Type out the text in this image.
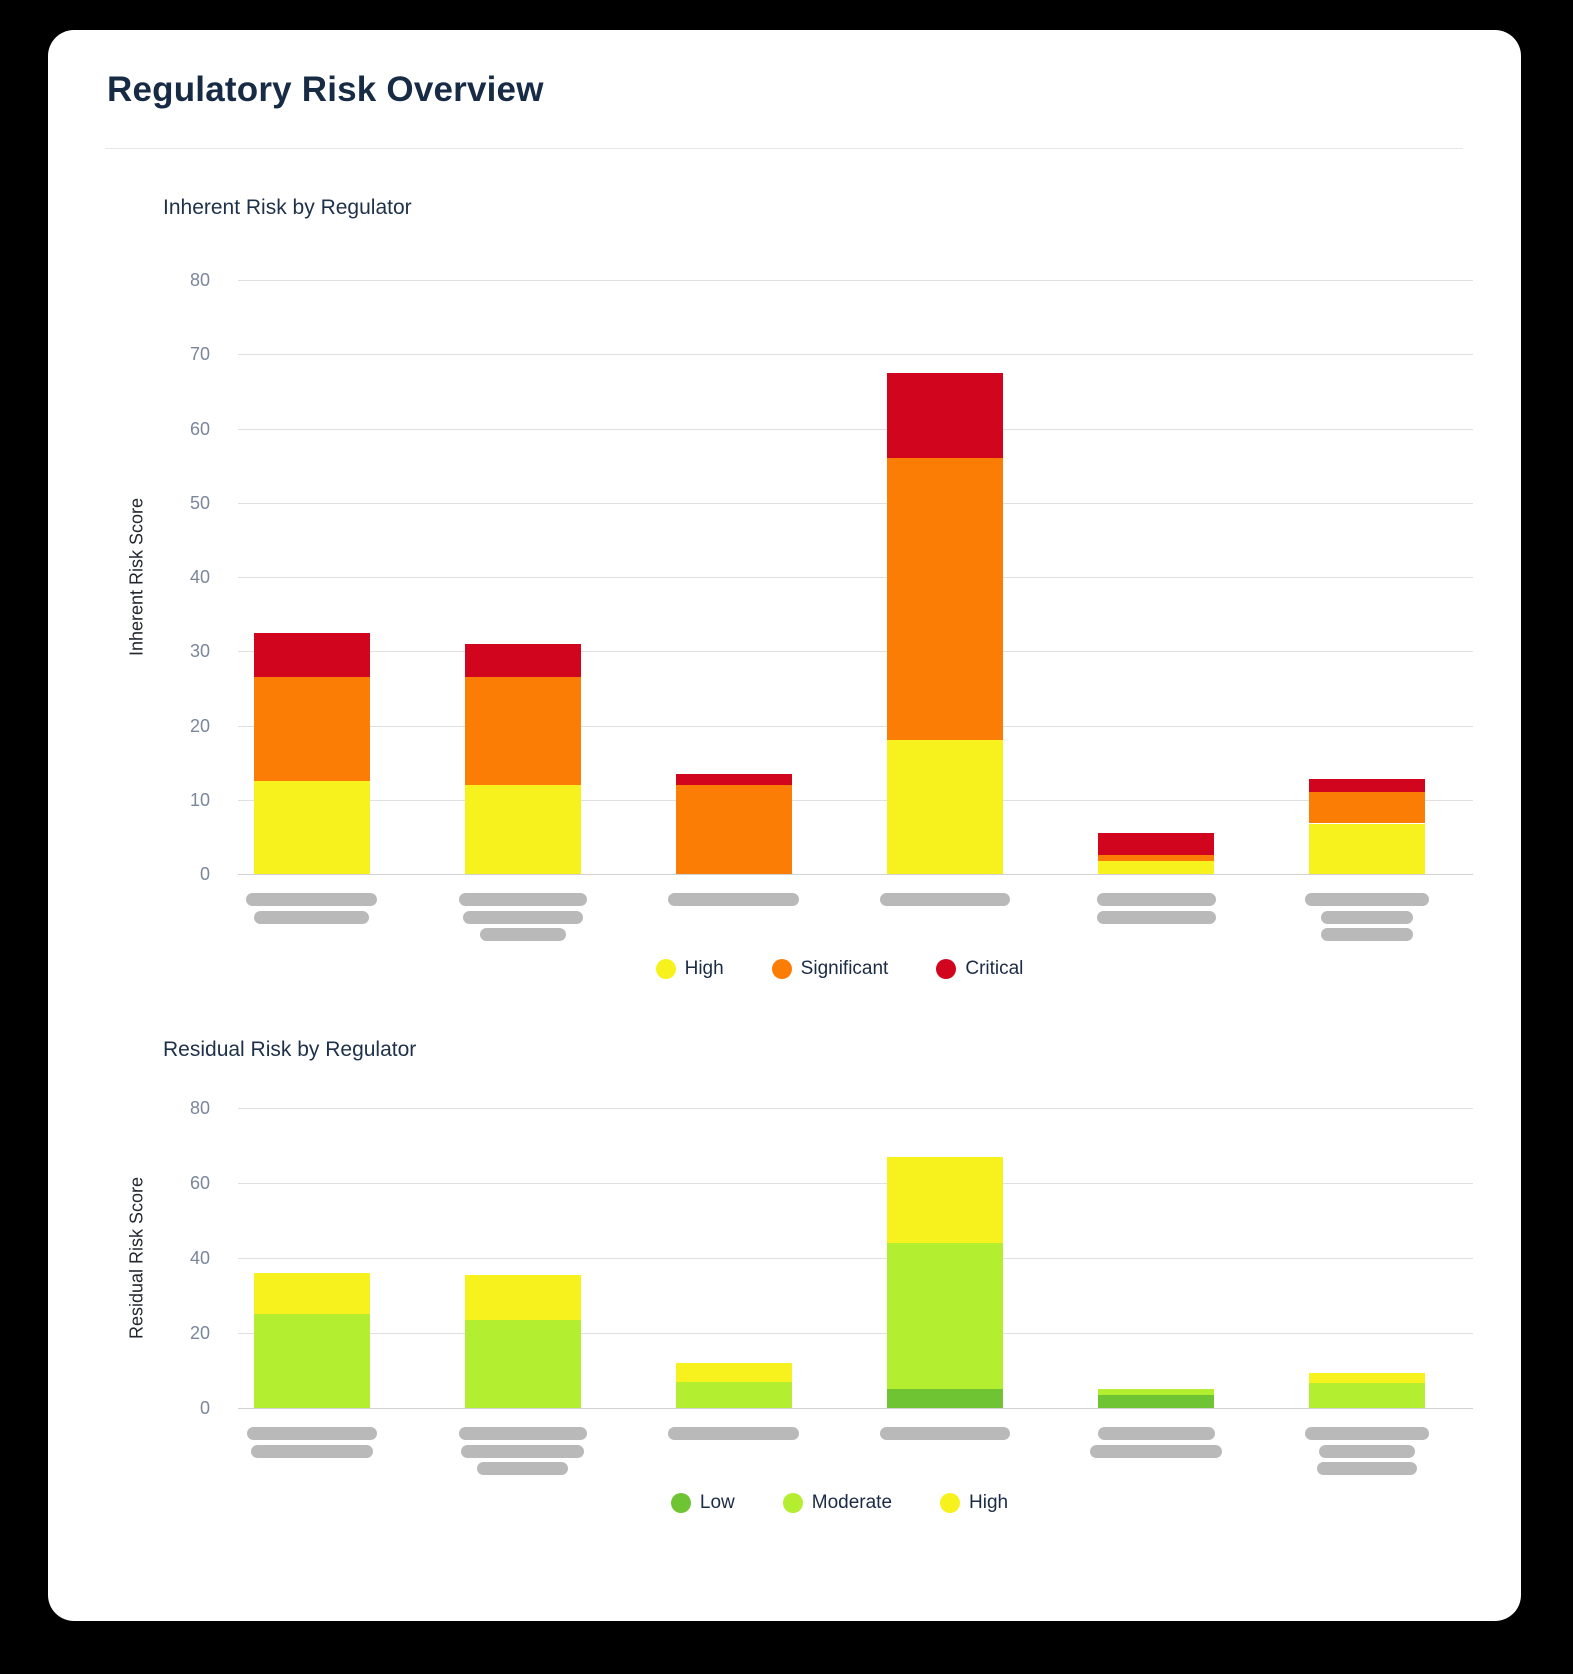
Regulatory Risk Overview
Inherent Risk by Regulator
Inherent Risk Score
0
10
20
30
40
50
60
70
80
High	Significant	Critical
Residual Risk by Regulator
Residual Risk Score
0
20
40
60
80
Low	Moderate	High
